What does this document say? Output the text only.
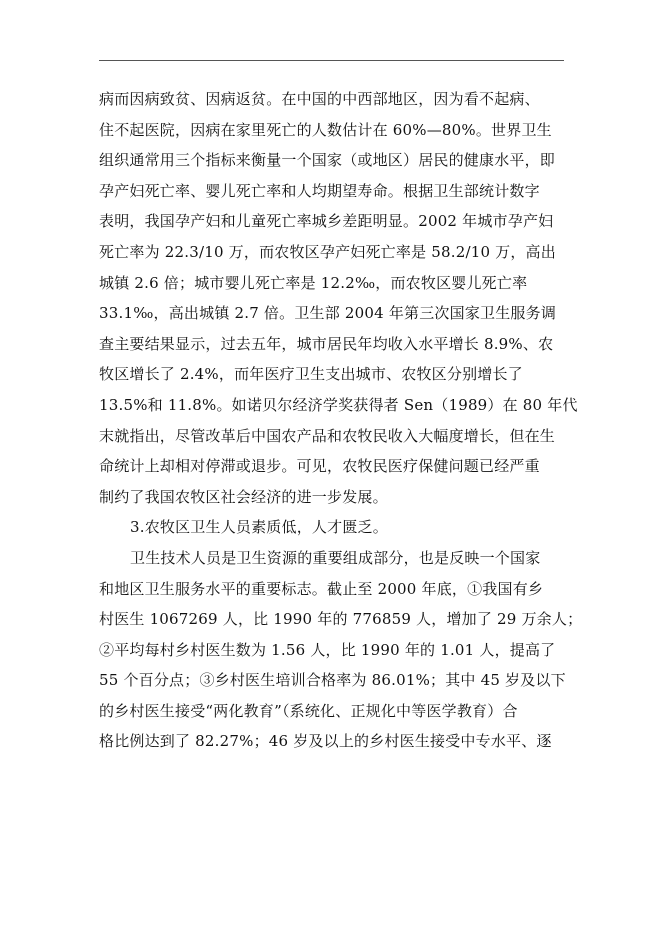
病而因病致贫、因病返贫。在中国的中西部地区，因为看不起病、
住不起医院，因病在家里死亡的人数估计在 60%—80%。世界卫生
组织通常用三个指标来衡量一个国家（或地区）居民的健康水平，即
孕产妇死亡率、婴儿死亡率和人均期望寿命。根据卫生部统计数字
表明，我国孕产妇和儿童死亡率城乡差距明显。2002 年城市孕产妇
死亡率为 22.3/10 万，而农牧区孕产妇死亡率是 58.2/10 万，高出
城镇 2.6 倍；城市婴儿死亡率是 12.2‰，而农牧区婴儿死亡率
33.1‰，高出城镇 2.7 倍。卫生部 2004 年第三次国家卫生服务调
查主要结果显示，过去五年，城市居民年均收入水平增长 8.9%、农
牧区增长了 2.4%，而年医疗卫生支出城市、农牧区分别增长了
13.5%和 11.8%。如诺贝尔经济学奖获得者 Sen（1989）在 80 年代
末就指出，尽管改革后中国农产品和农牧民收入大幅度增长，但在生
命统计上却相对停滞或退步。可见，农牧民医疗保健问题已经严重
制约了我国农牧区社会经济的进一步发展。
3.农牧区卫生人员素质低，人才匮乏。
卫生技术人员是卫生资源的重要组成部分，也是反映一个国家
和地区卫生服务水平的重要标志。截止至 2000 年底，①我国有乡
村医生 1067269 人，比 1990 年的 776859 人，增加了 29 万余人；
②平均每村乡村医生数为 1.56 人，比 1990 年的 1.01 人，提高了
55 个百分点；③乡村医生培训合格率为 86.01%；其中 45 岁及以下
的乡村医生接受“两化教育”（系统化、正规化中等医学教育）合
格比例达到了 82.27%；46 岁及以上的乡村医生接受中专水平、逐
